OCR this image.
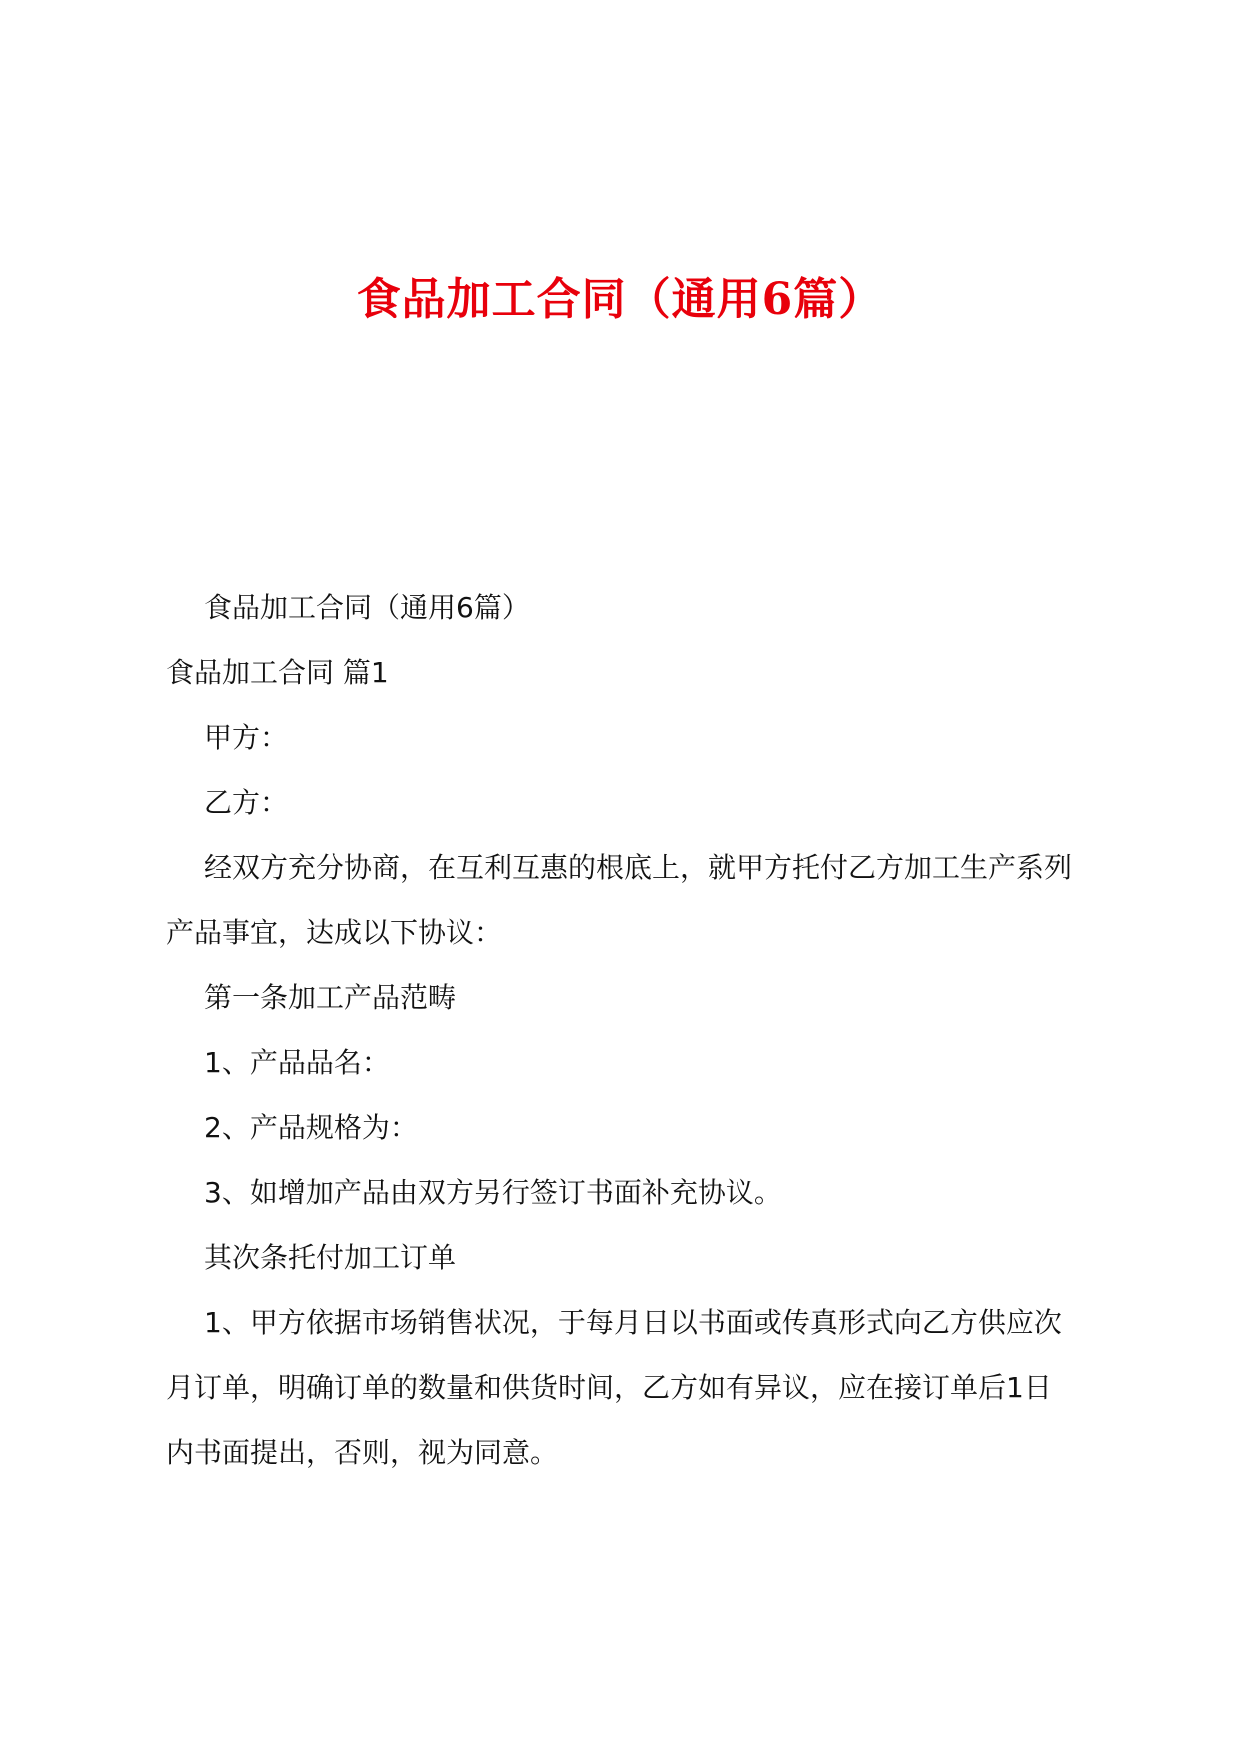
食品加工合同（通用6篇）

食品加工合同（通用6篇）

食品加工合同 篇1

甲方：

乙方：

经双方充分协商，在互利互惠的根底上，就甲方托付乙方加工生产系列产品事宜，达成以下协议：

第一条加工产品范畴

1、产品品名：

2、产品规格为：

3、如增加产品由双方另行签订书面补充协议。

其次条托付加工订单

1、甲方依据市场销售状况，于每月日以书面或传真形式向乙方供应次月订单，明确订单的数量和供货时间，乙方如有异议，应在接订单后1日内书面提出，否则，视为同意。
